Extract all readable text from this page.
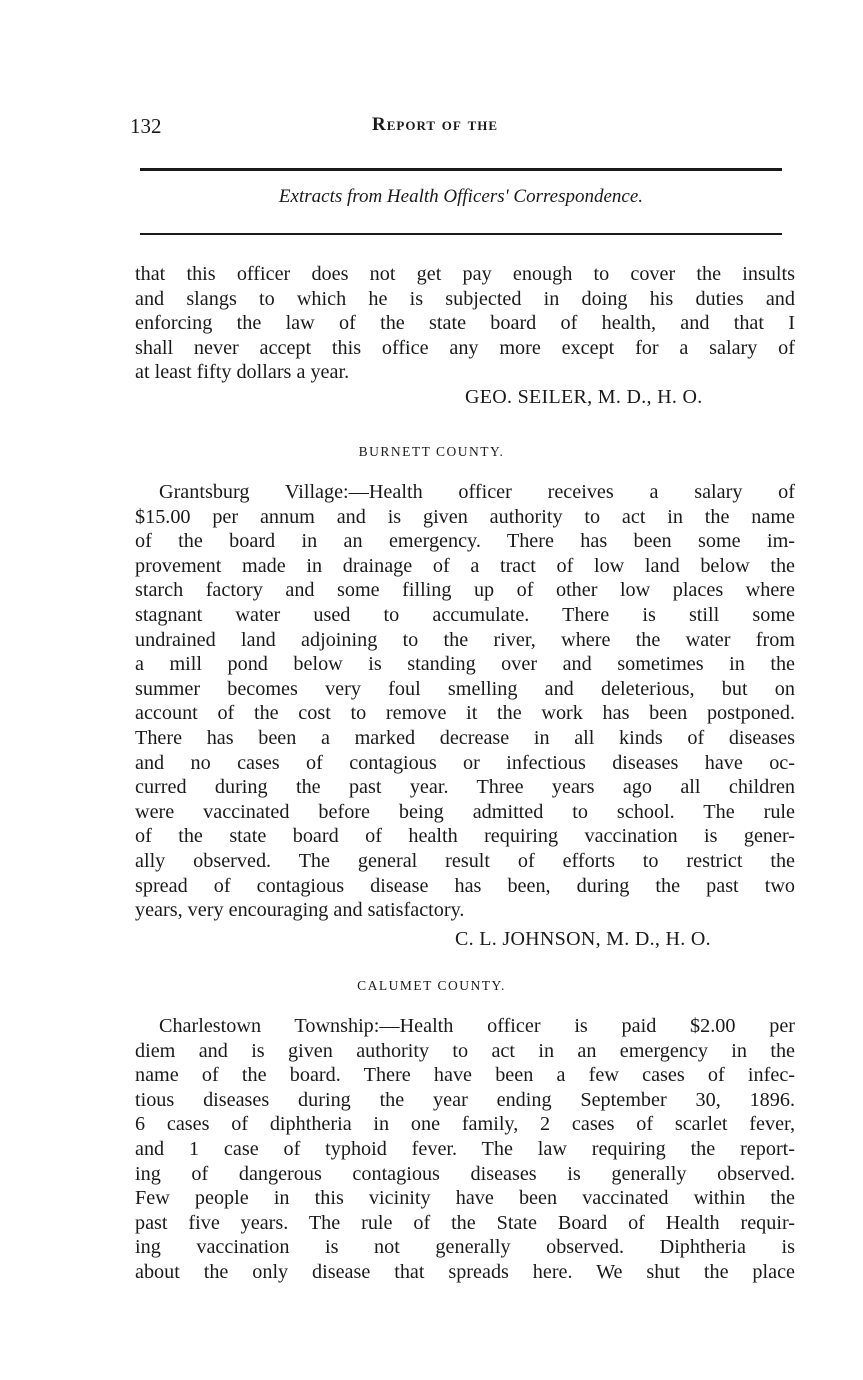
132	Report of the
Extracts from Health Officers' Correspondence.
that this officer does not get pay enough to cover the insults
and slangs to which he is subjected in doing his duties and
enforcing the law of the state board of health, and that I
shall never accept this office any more except for a salary of
at least fifty dollars a year.
GEO. SEILER, M. D., H. O.
BURNETT COUNTY.
Grantsburg Village:—Health officer receives a salary of
$15.00 per annum and is given authority to act in the name
of the board in an emergency. There has been some im-
provement made in drainage of a tract of low land below the
starch factory and some filling up of other low places where
stagnant water used to accumulate. There is still some
undrained land adjoining to the river, where the water from
a mill pond below is standing over and sometimes in the
summer becomes very foul smelling and deleterious, but on
account of the cost to remove it the work has been postponed.
There has been a marked decrease in all kinds of diseases
and no cases of contagious or infectious diseases have oc-
curred during the past year. Three years ago all children
were vaccinated before being admitted to school. The rule
of the state board of health requiring vaccination is gener-
ally observed. The general result of efforts to restrict the
spread of contagious disease has been, during the past two
years, very encouraging and satisfactory.
C. L. JOHNSON, M. D., H. O.
CALUMET COUNTY.
Charlestown Township:—Health officer is paid $2.00 per
diem and is given authority to act in an emergency in the
name of the board. There have been a few cases of infec-
tious diseases during the year ending September 30, 1896.
6 cases of diphtheria in one family, 2 cases of scarlet fever,
and 1 case of typhoid fever. The law requiring the report-
ing of dangerous contagious diseases is generally observed.
Few people in this vicinity have been vaccinated within the
past five years. The rule of the State Board of Health requir-
ing vaccination is not generally observed. Diphtheria is
about the only disease that spreads here. We shut the place
